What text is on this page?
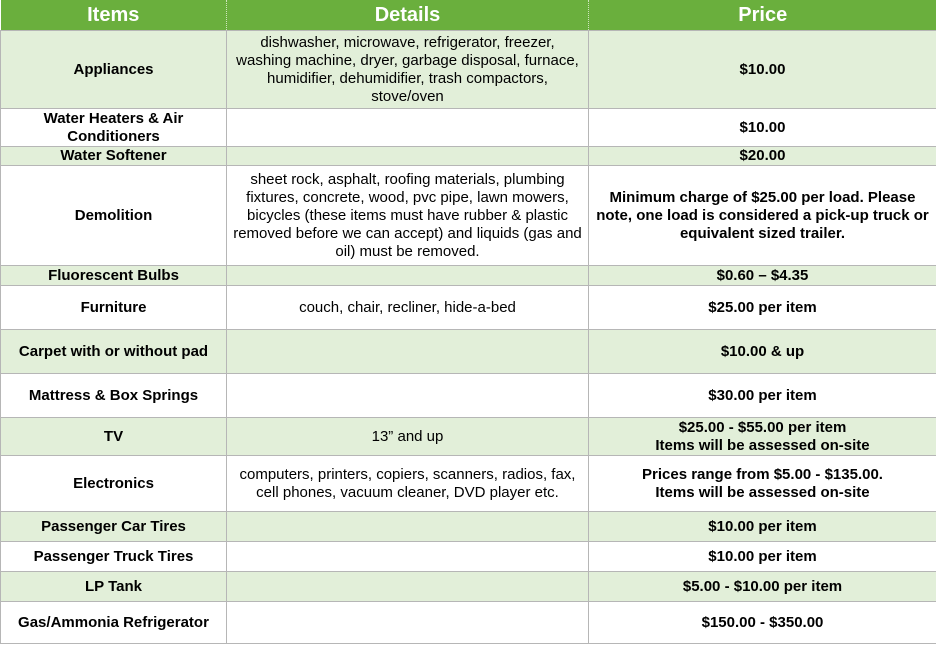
Items	Details	Price
Appliances	dishwasher, microwave, refrigerator, freezer, washing machine, dryer, garbage disposal, furnace, humidifier, dehumidifier, trash compactors, stove/oven	$10.00
Water Heaters & Air Conditioners		$10.00
Water Softener		$20.00
Demolition	sheet rock, asphalt, roofing materials, plumbing fixtures, concrete, wood, pvc pipe, lawn mowers, bicycles (these items must have rubber & plastic removed before we can accept) and liquids (gas and oil) must be removed.	Minimum charge of $25.00 per load. Please note, one load is considered a pick-up truck or equivalent sized trailer.
Fluorescent Bulbs		$0.60 – $4.35
Furniture	couch, chair, recliner, hide-a-bed	$25.00 per item
Carpet with or without pad		$10.00 & up
Mattress & Box Springs		$30.00 per item
TV	13” and up	$25.00 - $55.00 per item
Items will be assessed on-site

Electronics	computers, printers, copiers, scanners, radios, fax, cell phones, vacuum cleaner, DVD player etc.	Prices range from $5.00 - $135.00.
Items will be assessed on-site

Passenger Car Tires		$10.00 per item
Passenger Truck Tires		$10.00 per item
LP Tank		$5.00 - $10.00 per item
Gas/Ammonia Refrigerator		$150.00 - $350.00
